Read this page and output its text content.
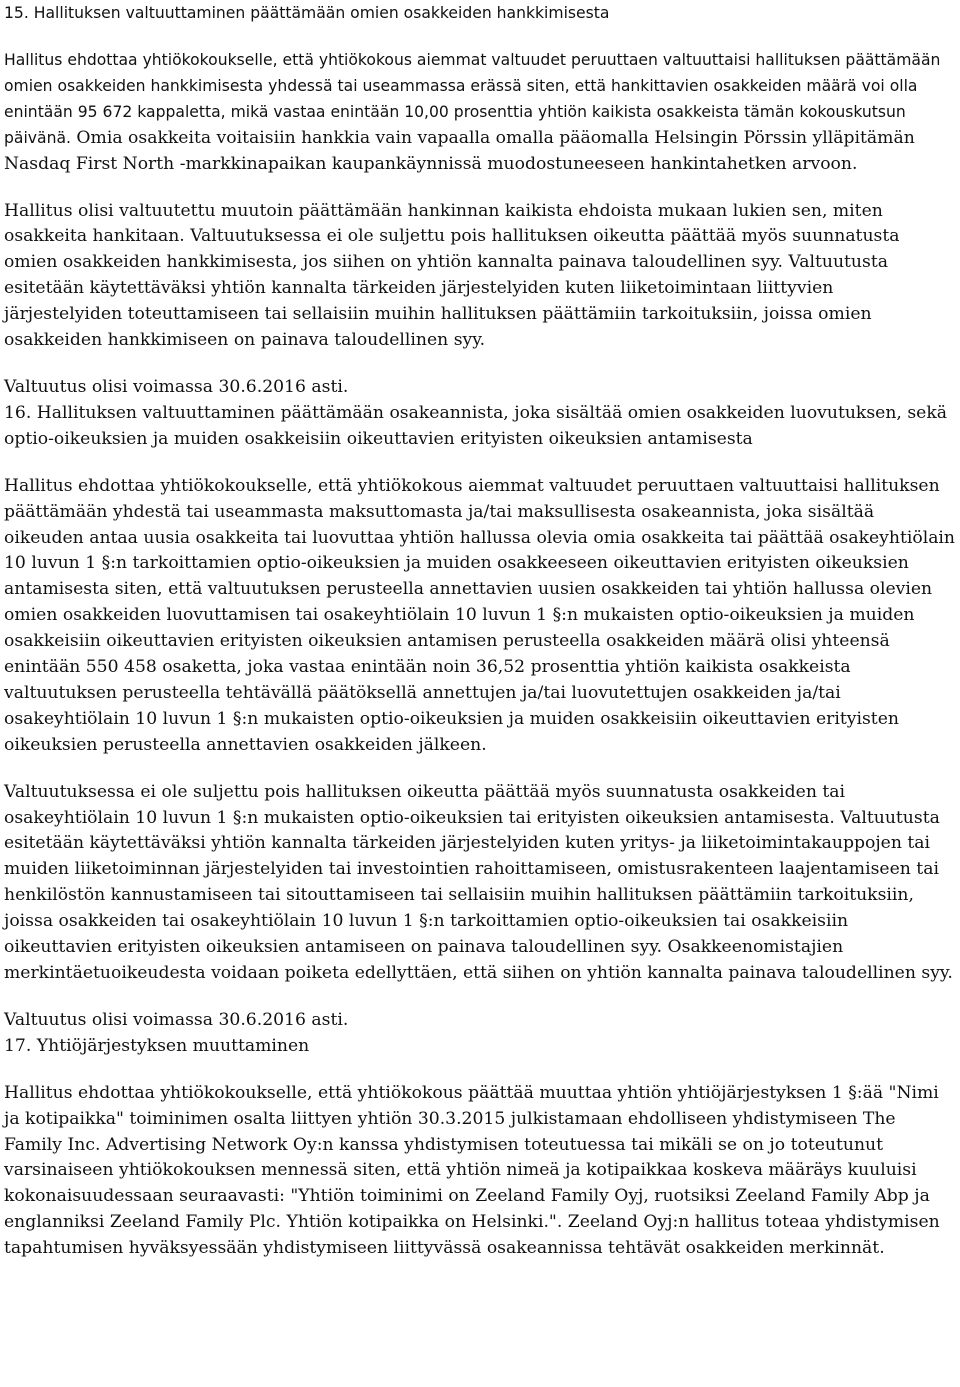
15. Hallituksen valtuuttaminen päättämään omien osakkeiden hankkimisesta

Hallitus ehdottaa yhtiökokoukselle, että yhtiökokous aiemmat valtuudet peruuttaen valtuuttaisi hallituksen päättämään omien osakkeiden hankkimisesta yhdessä tai useammassa erässä siten, että hankittavien osakkeiden määrä voi olla enintään 95 672 kappaletta, mikä vastaa enintään 10,00 prosenttia yhtiön kaikista osakkeista tämän kokouskutsun päivänä. Omia osakkeita voitaisiin hankkia vain vapaalla omalla pääomalla Helsingin Pörssin ylläpitämän Nasdaq First North -markkinapaikan kaupankäynnissä muodostuneeseen hankintahetken arvoon.

Hallitus olisi valtuutettu muutoin päättämään hankinnan kaikista ehdoista mukaan lukien sen, miten osakkeita hankitaan. Valtuutuksessa ei ole suljettu pois hallituksen oikeutta päättää myös suunnatusta omien osakkeiden hankkimisesta, jos siihen on yhtiön kannalta painava taloudellinen syy. Valtuutusta esitetään käytettäväksi yhtiön kannalta tärkeiden järjestelyiden kuten liiketoimintaan liittyvien järjestelyiden toteuttamiseen tai sellaisiin muihin hallituksen päättämiin tarkoituksiin, joissa omien osakkeiden hankkimiseen on painava taloudellinen syy.

Valtuutus olisi voimassa 30.6.2016 asti.

16. Hallituksen valtuuttaminen päättämään osakeannista, joka sisältää omien osakkeiden luovutuksen, sekä optio-oikeuksien ja muiden osakkeisiin oikeuttavien erityisten oikeuksien antamisesta

Hallitus ehdottaa yhtiökokoukselle, että yhtiökokous aiemmat valtuudet peruuttaen valtuuttaisi hallituksen päättämään yhdestä tai useammasta maksuttomasta ja/tai maksullisesta osakeannista, joka sisältää oikeuden antaa uusia osakkeita tai luovuttaa yhtiön hallussa olevia omia osakkeita tai päättää osakeyhtiölain 10 luvun 1 §:n tarkoittamien optio-oikeuksien ja muiden osakkeeseen oikeuttavien erityisten oikeuksien antamisesta siten, että valtuutuksen perusteella annettavien uusien osakkeiden tai yhtiön hallussa olevien omien osakkeiden luovuttamisen tai osakeyhtiölain 10 luvun 1 §:n mukaisten optio-oikeuksien ja muiden osakkeisiin oikeuttavien erityisten oikeuksien antamisen perusteella osakkeiden määrä olisi yhteensä enintään 550 458 osaketta, joka vastaa enintään noin 36,52 prosenttia yhtiön kaikista osakkeista valtuutuksen perusteella tehtävällä päätöksellä annettujen ja/tai luovutettujen osakkeiden ja/tai osakeyhtiölain 10 luvun 1 §:n mukaisten optio-oikeuksien ja muiden osakkeisiin oikeuttavien erityisten oikeuksien perusteella annettavien osakkeiden jälkeen.

Valtuutuksessa ei ole suljettu pois hallituksen oikeutta päättää myös suunnatusta osakkeiden tai osakeyhtiölain 10 luvun 1 §:n mukaisten optio-oikeuksien tai erityisten oikeuksien antamisesta. Valtuutusta esitetään käytettäväksi yhtiön kannalta tärkeiden järjestelyiden kuten yritys- ja liiketoimintakauppojen tai muiden liiketoiminnan järjestelyiden tai investointien rahoittamiseen, omistusrakenteen laajentamiseen tai henkilöstön kannustamiseen tai sitouttamiseen tai sellaisiin muihin hallituksen päättämiin tarkoituksiin, joissa osakkeiden tai osakeyhtiölain 10 luvun 1 §:n tarkoittamien optio-oikeuksien tai osakkeisiin oikeuttavien erityisten oikeuksien antamiseen on painava taloudellinen syy. Osakkeenomistajien merkintäetuoikeudesta voidaan poiketa edellyttäen, että siihen on yhtiön kannalta painava taloudellinen syy.

Valtuutus olisi voimassa 30.6.2016 asti.

17. Yhtiöjärjestyksen muuttaminen

Hallitus ehdottaa yhtiökokoukselle, että yhtiökokous päättää muuttaa yhtiön yhtiöjärjestyksen 1 §:ää "Nimi ja kotipaikka" toiminimen osalta liittyen yhtiön 30.3.2015 julkistamaan ehdolliseen yhdistymiseen The Family Inc. Advertising Network Oy:n kanssa yhdistymisen toteutuessa tai mikäli se on jo toteutunut varsinaiseen yhtiökokouksen mennessä siten, että yhtiön nimeä ja kotipaikkaa koskeva määräys kuuluisi kokonaisuudessaan seuraavasti: "Yhtiön toiminimi on Zeeland Family Oyj, ruotsiksi Zeeland Family Abp ja englanniksi Zeeland Family Plc. Yhtiön kotipaikka on Helsinki.". Zeeland Oyj:n hallitus toteaa yhdistymisen tapahtumisen hyväksyessään yhdistymiseen liittyvässä osakeannissa tehtävät osakkeiden merkinnät.
